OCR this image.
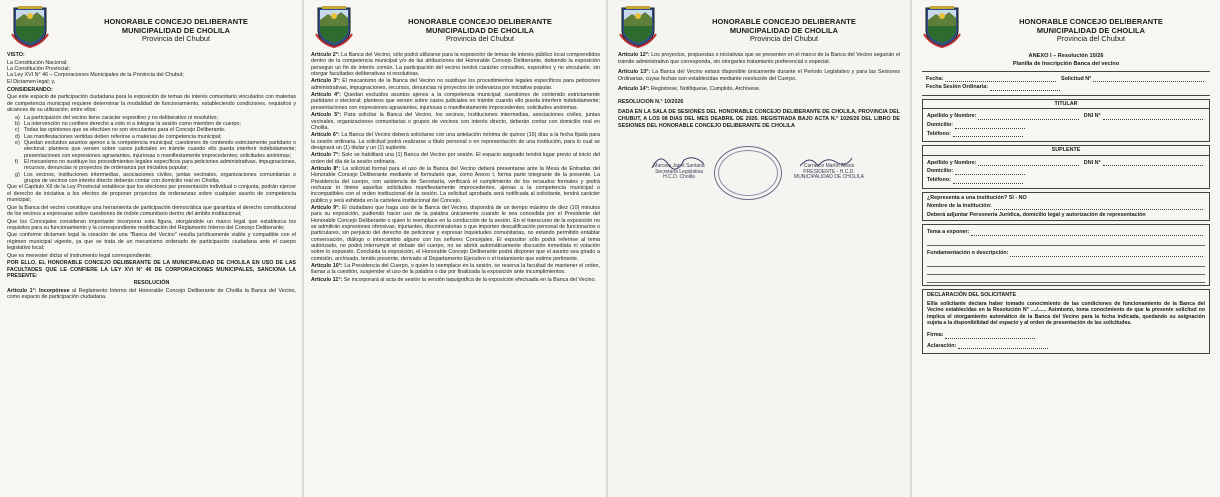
HONORABLE CONCEJO DELIBERANTE
MUNICIPALIDAD DE CHOLILA
Provincia del Chubut

VISTO:

La Constitución Nacional;
La Constitución Provincial;
La Ley XVI N° 46 – Corporaciones Municipales de la Provincia del Chubut;
El Dictamen legal; y,

CONSIDERANDO:

Que este espacio de participación ciudadana para la exposición de temas de interés comunitario vinculados con materias de competencia municipal requiere determinar la modalidad de funcionamiento, estableciendo condiciones, requisitos y alcances de su utilización; entre ellos:

a) La participación del vecino tiene carácter expositivo y no deliberativo ni resolutivo;
b) La intervención no confiere derecho a voto ni a integrar la sesión como miembro de cuerpo;
c) Todas las opiniones que se efectúen no son vinculantes para el Concejo Deliberante.
d) Las manifestaciones vertidas deben referirse a materias de competencia municipal;
e) Quedan excluidos asuntos ajenos a la competencia municipal; cuestiones de contenido estrictamente partidario o electoral; planteos que versen sobre casos judiciales en trámite cuando ello pueda interferir indebidamente; presentaciones con expresiones agraviantes, injuriosas o manifiestamente improcedentes; solicitudes anónimas;
f)	El mecanismo no sustituye los procedimientos legales específicos para peticiones administrativas, impugnaciones, recursos, denuncias ni proyectos de ordenanza por iniciativa popular;
g) Los vecinos, instituciones intermedias, asociaciones civiles, juntas vecinales, organizaciones comunitarias o grupos de vecinos con interés directo deberán contar con domicilio real en Cholila;

Que el Capítulo XII de la Ley Provincial establece que los electores por presentación individual o conjunta, podrán ejercer el derecho de iniciativa a los efectos de proponer proyectos de ordenanzas sobre cualquier asunto de competencia municipal;

Que la Banca del vecino constituye una herramienta de participación democrática que garantiza el derecho constitucional de los vecinos a expresarse sobre cuestiones de índole comunitario dentro del ámbito institucional;

Que los Concejales consideran importante incorporar esta figura, otorgándole un marco legal que establezca los requisitos para su funcionamiento y la correspondiente modificación del Reglamento Interno del Concejo Deliberante;

Que conforme dictamen legal la creación de una "Banca del Vecino" resulta jurídicamente viable y compatible con el régimen municipal vigente, ya que se trata de un mecanismo ordenado de participación ciudadana ante el cuerpo legislativo local;

Que es menester dictar el instrumento legal correspondiente;

POR ELLO, EL HONORABLE CONCEJO DELIBERANTE DE LA MUNICIPALIDAD DE CHOLILA EN USO DE LAS FACULTADES QUE LE CONFIERE LA LEY XVI N° 46 DE CORPORACIONES MUNICIPALES, SANCIONA LA PRESENTE:

RESOLUCIÓN

Artículo 1°: Incorpórese al Reglamento Interno del Honorable Concejo Deliberante de Cholila la Banca del Vecino, como espacio de participación ciudadana.

HONORABLE CONCEJO DELIBERANTE
MUNICIPALIDAD DE CHOLILA
Provincia del Chubut

Artículo 2°: La Banca del Vecino, sólo podrá utilizarse para la exposición de temas de interés público local comprendidos dentro de la competencia municipal y/o de las atribuciones del Honorable Concejo Deliberante, debiendo la exposición perseguir un fin de interés común. La participación del vecino tendrá carácter consultivo, expositivo y no vinculante, sin otorgar facultades deliberativas ni resolutivas.

Artículo 3°: El mecanismo de la Banca del Vecino no sustituye los procedimientos legales específicos para peticiones administrativas, impugnaciones, recursos, denuncias ni proyectos de ordenanza por iniciativa popular.

Artículo 4°: Quedan excluidos asuntos ajenos a la competencia municipal; cuestiones de contenido estrictamente partidario o electoral; planteos que versen sobre casos judiciales en trámite cuando ello pueda interferir indebidamente; presentaciones con expresiones agraviantes, injuriosas o manifiestamente improcedentes; solicitudes anónimas.

Artículo 5°: Para solicitar la Banca del Vecino, los vecinos, instituciones intermedias, asociaciones civiles, juntas vecinales, organizaciones comunitarias o grupos de vecinos con interés directo, deberán contar con domicilio real en Cholila.

Artículo 6°: La Banca del Vecino deberá solicitarse con una antelación mínima de quince (15) días a la fecha fijada para la sesión ordinaria. La solicitud podrá realizarse a título personal o en representación de una institución, para lo cual se designará un (1) titular y un (1) suplente.

Artículo 7°: Solo se habilitará una (1) Banca del Vecino por sesión. El espacio asignado tendrá lugar previo al inicio del orden del día de la sesión ordinaria.

Artículo 8°: La solicitud formal para el uso de la Banca del Vecino deberá presentarse ante la Mesa de Entradas del Honorable Concejo Deliberante mediante el formulario que, como Anexo I, forma parte integrante de la presente. La Presidencia del cuerpo, con asistencia de Secretaría, verificará el cumplimiento de los recaudos formales y podrá rechazar in limine aquellas solicitudes manifiestamente improcedentes, ajenas a la competencia municipal o incompatibles con el orden institucional de la sesión. La solicitud aprobada será notificada al solicitante, tendrá carácter público y será exhibida en la cartelera institucional del Concejo.

Artículo 9°: El ciudadano que haga uso de la Banca del Vecino, dispondrá de un tiempo máximo de diez (10) minutos para su exposición, pudiendo hacer uso de la palabra únicamente cuando le sea concedida por el Presidente del Honorable Concejo Deliberante o quien lo reemplace en la conducción de la sesión. En el transcurso de la exposición no se admitirán expresiones ofensivas, injuriantes, discriminatorias o que importen descalificación personal de funcionarios o particulares, sin perjuicio del derecho de peticionar y expresar inquietudes comunitarias, no estando permitido entablar conversación, diálogo o intercambio alguno con los señores Concejales. El expositor sólo podrá referirse al tema autorizado, no podrá interrumpir el debate del cuerpo, no se abrirá automáticamente discusión inmediata ni votación sobre lo expuesto. Concluida la exposición, el Honorable Concejo Deliberante podrá disponer que el asunto sea girado a comisión, archivado, tenido presente, derivado al Departamento Ejecutivo o el tratamiento que estime pertinente.

Artículo 10°: La Presidencia del Cuerpo, o quien lo reemplace en la sesión, se reserva la facultad de mantener el orden, llamar a la cuestión, suspender el uso de la palabra o dar por finalizada la exposición ante incumplimientos.

Artículo 11°: Se incorporará al acta de sesión la versión taquigráfica de la exposición efectuada en la Banca del Vecino.

HONORABLE CONCEJO DELIBERANTE
MUNICIPALIDAD DE CHOLILA
Provincia del Chubut

Artículo 12°: Los proyectos, propuestas o iniciativas que se presenten en el marco de la Banca del Vecino seguirán el trámite administrativo que corresponda, sin otorgarles tratamiento preferencial o especial.

Artículo 13°: La Banca del Vecino estará disponible únicamente durante el Periodo Legislativo y para las Sesiones Ordinarias, cuyas fechas son establecidas mediante resolución del Cuerpo.

Artículo 14°: Regístrese, Notifíquese, Cumplido, Archívese.

RESOLUCION N.° 10/2026

DADA EN LA SALA DE SESIONES DEL HONORABLE CONCEJO DELIBERANTE DE CHOLILA, PROVINCIA DEL CHUBUT, A LOS 08 DIAS DEL MES DEABRIL DE 2026. REGISTRADA BAJO ACTA N.° 1026/26 DEL LIBRO DE SESIONES DEL HONORABLE CONCEJO DELIBERANTE DE CHOLILA

Marcela Janet Santana
Secretaria Legislativa
H.C.D. Cholila
Carrasco Martín Alexis
PRESIDENTE - H.C.D.
MUNICIPALIDAD DE CHOLILA
HONORABLE CONCEJO DELIBERANTE
MUNICIPALIDAD DE CHOLILA
Provincia del Chubut
ANEXO I – Resolución 10/26
Planilla de Inscripción Banca del vecino
Fecha:	Solicitud N°
Fecha Sesión Ordinaria:
TITULAR
Apellido y Nombre:	DNI N°
Domicilio:
Teléfono:
SUPLENTE
Apellido y Nombre:	DNI N°
Domicilio:
Teléfono:
¿Representa a una institución? SI - NO
Nombre de la institución:
Deberá adjuntar Personería Jurídica, domicilio legal y autorización de representación
Tema a exponer:
Fundamentación o descripción:
DECLARACIÓN DEL SOLICITANTE
El/la solicitante declara haber tomado conocimiento de las condiciones de funcionamiento de la Banca del Vecino establecidas en la Resolución N° ..../...... Asimismo, toma conocimiento de que la presente solicitud no implica el otorgamiento automático de la Banca del Vecino para la fecha indicada, quedando su asignación sujeta a la disponibilidad del espacio y al orden de presentación de las solicitudes.
Firma:
Aclaración:
